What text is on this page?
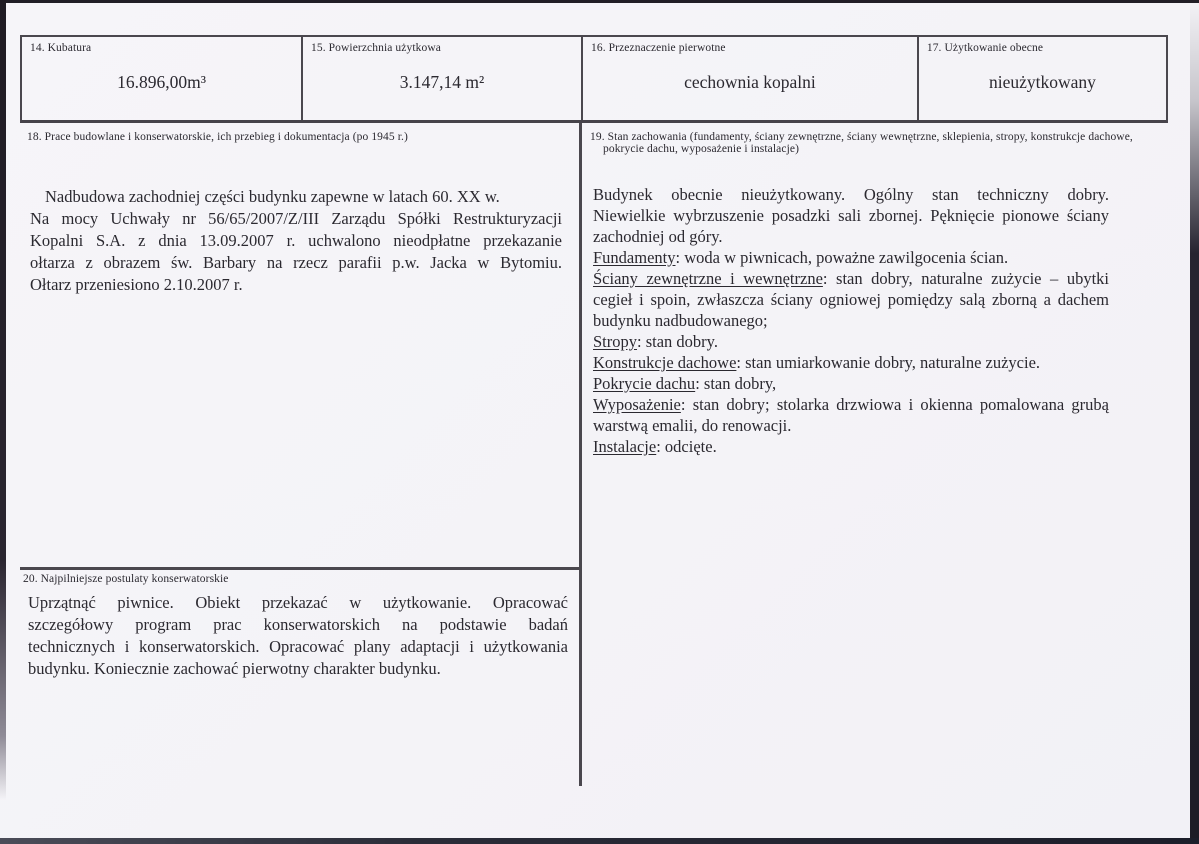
14. Kubatura
16.896,00m³
15. Powierzchnia użytkowa
3.147,14 m²
16. Przeznaczenie pierwotne
cechownia kopalni
17. Użytkowanie obecne
nieużytkowany
18. Prace budowlane i konserwatorskie, ich przebieg i dokumentacja (po 1945 r.)
Nadbudowa zachodniej części budynku zapewne w latach 60. XX w.
Na mocy Uchwały nr 56/65/2007/Z/III Zarządu Spółki Restrukturyzacji
Kopalni S.A. z dnia 13.09.2007 r. uchwalono nieodpłatne przekazanie
ołtarza z obrazem św. Barbary na rzecz parafii p.w. Jacka w Bytomiu.
Ołtarz przeniesiono 2.10.2007 r.
19. Stan zachowania (fundamenty, ściany zewnętrzne, ściany wewnętrzne, sklepienia, stropy, konstrukcje dachowe,
pokrycie dachu, wyposażenie i instalacje)
Budynek obecnie nieużytkowany. Ogólny stan techniczny dobry.
Niewielkie wybrzuszenie posadzki sali zbornej. Pęknięcie pionowe ściany
zachodniej od góry.
Fundamenty: woda w piwnicach, poważne zawilgocenia ścian.
Ściany zewnętrzne i wewnętrzne: stan dobry, naturalne zużycie – ubytki
cegieł i spoin, zwłaszcza ściany ogniowej pomiędzy salą zborną a dachem
budynku nadbudowanego;
Stropy: stan dobry.
Konstrukcje dachowe: stan umiarkowanie dobry, naturalne zużycie.
Pokrycie dachu: stan dobry,
Wyposażenie: stan dobry; stolarka drzwiowa i okienna pomalowana grubą
warstwą emalii, do renowacji.
Instalacje: odcięte.
20. Najpilniejsze postulaty konserwatorskie
Uprzątnąć piwnice. Obiekt przekazać w użytkowanie. Opracować
szczegółowy program prac konserwatorskich na podstawie badań
technicznych i konserwatorskich. Opracować plany adaptacji i użytkowania
budynku. Koniecznie zachować pierwotny charakter budynku.
